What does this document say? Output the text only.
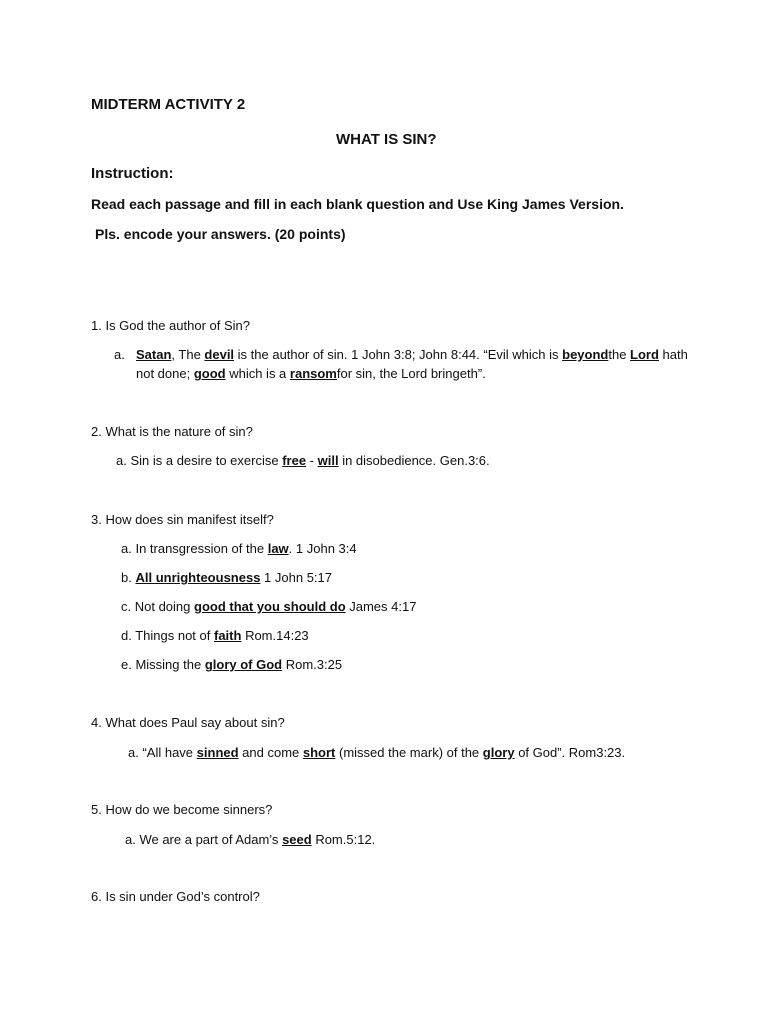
MIDTERM ACTIVITY 2
WHAT IS SIN?
Instruction:
Read each passage and fill in each blank question and Use King James Version.
Pls. encode your answers. (20 points)
1. Is God the author of Sin?
a. Satan, The devil is the author of sin. 1 John 3:8; John 8:44. “Evil which is beyondthe Lord hath
not done; good which is a ransomfor sin, the Lord bringeth”.
2. What is the nature of sin?
a. Sin is a desire to exercise free - will in disobedience. Gen.3:6.
3. How does sin manifest itself?
a. In transgression of the law. 1 John 3:4
b. All unrighteousness 1 John 5:17
c. Not doing good that you should do James 4:17
d. Things not of faith Rom.14:23
e. Missing the glory of God Rom.3:25
4. What does Paul say about sin?
a. “All have sinned and come short (missed the mark) of the glory of God”. Rom3:23.
5. How do we become sinners?
a. We are a part of Adam’s seed Rom.5:12.
6. Is sin under God’s control?
